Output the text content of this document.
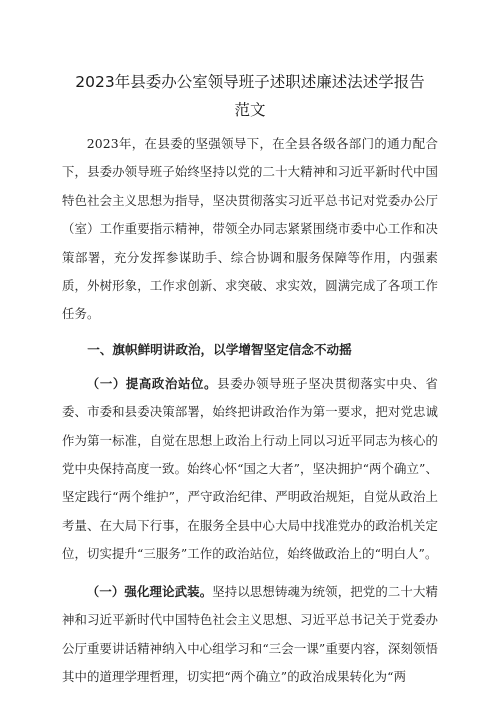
2023年县委办公室领导班子述职述廉述法述学报告

范文

2023年，在县委的坚强领导下，在全县各级各部门的通力配合下，县委办领导班子始终坚持以党的二十大精神和习近平新时代中国特色社会主义思想为指导，坚决贯彻落实习近平总书记对党委办公厅（室）工作重要指示精神，带领全办同志紧紧围绕市委中心工作和决策部署，充分发挥参谋助手、综合协调和服务保障等作用，内强素质，外树形象，工作求创新、求突破、求实效，圆满完成了各项工作任务。

一、旗帜鲜明讲政治，以学增智坚定信念不动摇

（一）提高政治站位。县委办领导班子坚决贯彻落实中央、省委、市委和县委决策部署，始终把讲政治作为第一要求，把对党忠诚作为第一标准，自觉在思想上政治上行动上同以习近平同志为核心的党中央保持高度一致。始终心怀“国之大者”，坚决拥护“两个确立”、坚定践行“两个维护”，严守政治纪律、严明政治规矩，自觉从政治上考量、在大局下行事，在服务全县中心大局中找准党办的政治机关定位，切实提升“三服务”工作的政治站位，始终做政治上的“明白人”。

（一）强化理论武装。坚持以思想铸魂为统领，把党的二十大精神和习近平新时代中国特色社会主义思想、习近平总书记关于党委办公厅重要讲话精神纳入中心组学习和“三会一课”重要内容，深刻领悟其中的道理学理哲理，切实把“两个确立”的政治成果转化为“两
